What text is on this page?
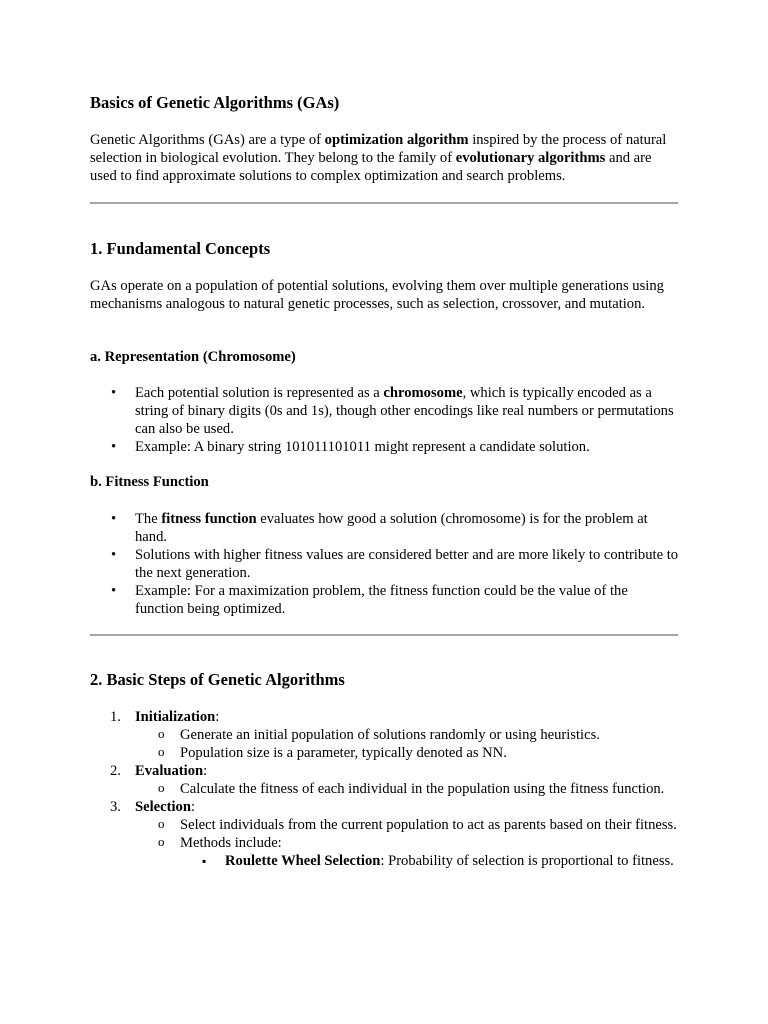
Basics of Genetic Algorithms (GAs)

Genetic Algorithms (GAs) are a type of optimization algorithm inspired by the process of natural selection in biological evolution. They belong to the family of evolutionary algorithms and are used to find approximate solutions to complex optimization and search problems.

1. Fundamental Concepts

GAs operate on a population of potential solutions, evolving them over multiple generations using mechanisms analogous to natural genetic processes, such as selection, crossover, and mutation.

a. Representation (Chromosome)
• Each potential solution is represented as a chromosome, which is typically encoded as a string of binary digits (0s and 1s), though other encodings like real numbers or permutations can also be used.
• Example: A binary string 101011101011 might represent a candidate solution.
b. Fitness Function
• The fitness function evaluates how good a solution (chromosome) is for the problem at hand.
• Solutions with higher fitness values are considered better and are more likely to contribute to the next generation.
• Example: For a maximization problem, the fitness function could be the value of the function being optimized.
2. Basic Steps of Genetic Algorithms
1. Initialization:
o Generate an initial population of solutions randomly or using heuristics.
o Population size is a parameter, typically denoted as NN.
2. Evaluation:
o Calculate the fitness of each individual in the population using the fitness function.
3. Selection:
o Select individuals from the current population to act as parents based on their fitness.
o Methods include:
▪ Roulette Wheel Selection: Probability of selection is proportional to fitness.
